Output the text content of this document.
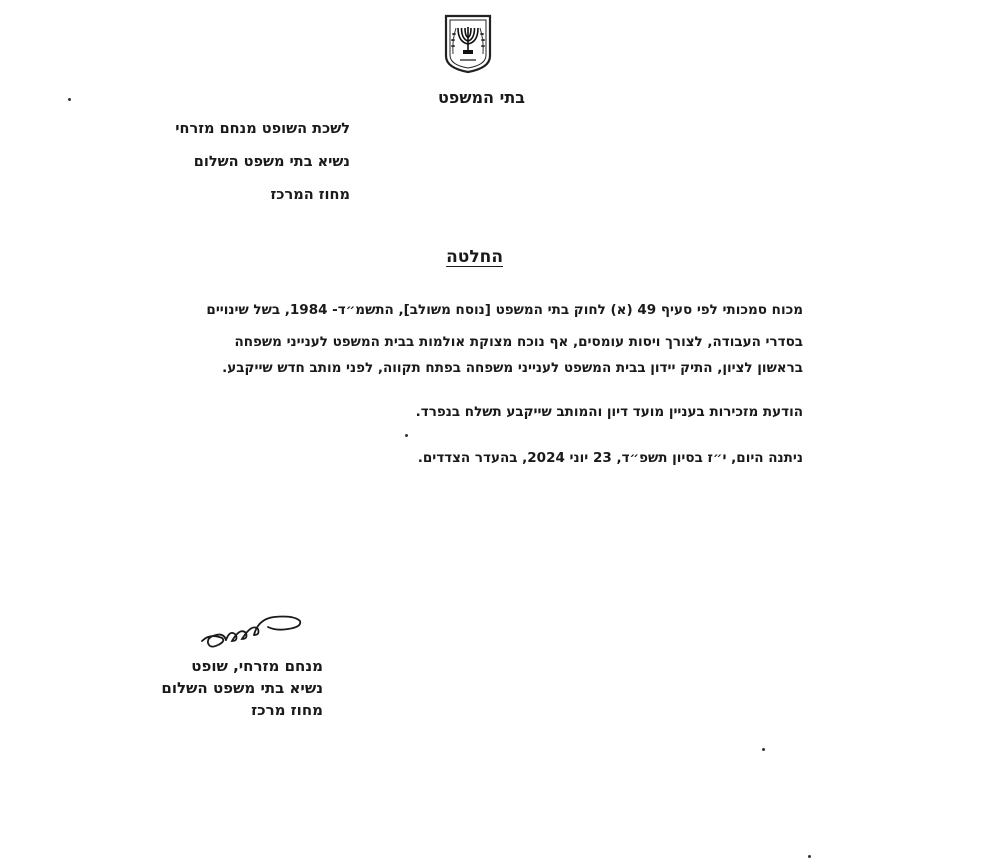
בתי המשפט
לשכת השופט מנחם מזרחי
נשיא בתי משפט השלום
מחוז המרכז
החלטה
מכוח סמכותי לפי סעיף 49 (א) לחוק בתי המשפט [נוסח משולב], התשמ״ד- 1984, בשל שינויים
בסדרי העבודה, לצורך ויסות עומסים, אף נוכח מצוקת אולמות בבית המשפט לענייני משפחה
בראשון לציון, התיק יידון בבית המשפט לענייני משפחה בפתח תקווה, לפני מותב חדש שייקבע.
הודעת מזכירות בעניין מועד דיון והמותב שייקבע תשלח בנפרד.
ניתנה היום, י״ז בסיון תשפ״ד, 23 יוני 2024, בהעדר הצדדים.
מנחם מזרחי, שופט
נשיא בתי משפט השלום
מחוז מרכז
